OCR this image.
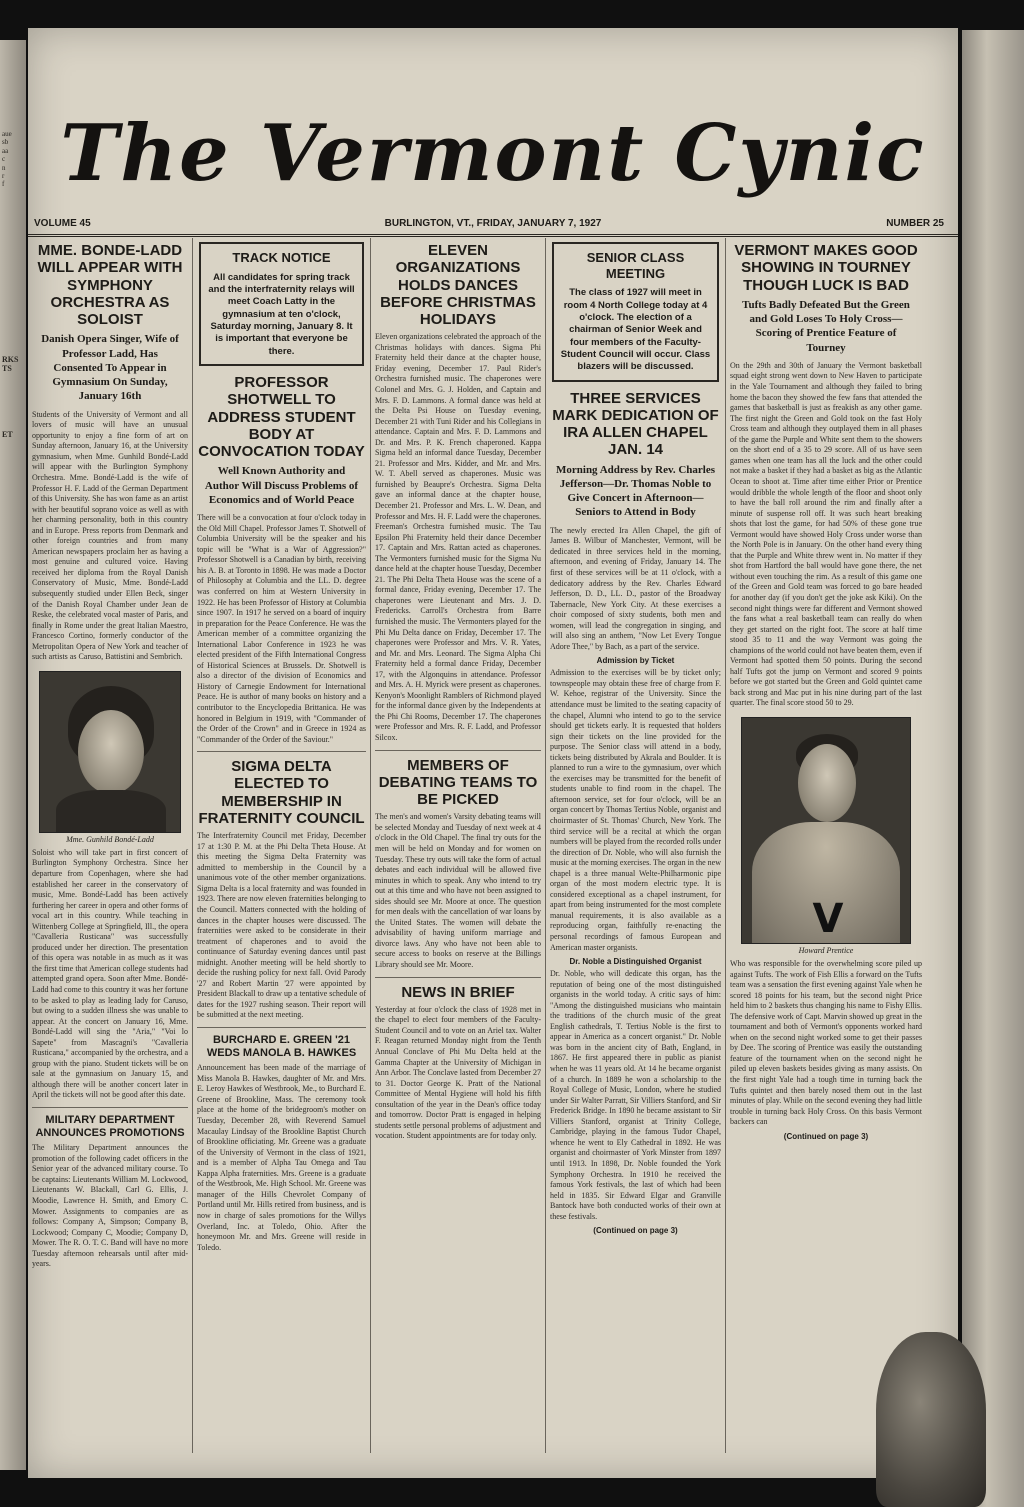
The Vermont Cynic
VOLUME 45	BURLINGTON, VT., FRIDAY, JANUARY 7, 1927	NUMBER 25
MME. BONDE-LADD WILL APPEAR WITH SYMPHONY ORCHESTRA AS SOLOIST
Danish Opera Singer, Wife of Professor Ladd, Has Consented To Appear in Gymnasium On Sunday, January 16th
Students of the University of Vermont and all lovers of music will have an unusual opportunity to enjoy a fine form of art on Sunday afternoon, January 16, at the University gymnasium, when Mme. Gunhild Bondé-Ladd will appear with the Burlington Symphony Orchestra. Mme. Bondé-Ladd is the wife of Professor H. F. Ladd of the German Department of this University. She has won fame as an artist with her beautiful soprano voice as well as with her charming personality, both in this country and in Europe. Press reports from Denmark and other foreign countries and from many American newspapers proclaim her as having a most genuine and cultured voice. Having received her diploma from the Royal Danish Conservatory of Music, Mme. Bondé-Ladd subsequently studied under Ellen Beck, singer of the Danish Royal Chamber under Jean de Reske, the celebrated vocal master of Paris, and finally in Rome under the great Italian Maestro, Francesco Cortino, formerly conductor of the Metropolitan Opera of New York and teacher of such artists as Caruso, Battistini and Sembrich.
Mme. Gunhild Bondé-Ladd
Soloist who will take part in first concert of Burlington Symphony Orchestra. Since her departure from Copenhagen, where she had established her career in the conservatory of music, Mme. Bondé-Ladd has been actively furthering her career in opera and other forms of vocal art in this country. While teaching in Wittenberg College at Springfield, Ill., the opera "Cavalleria Rusticana" was successfully produced under her direction. The presentation of this opera was notable in as much as it was the first time that American college students had attempted grand opera. Soon after Mme. Bondé-Ladd had come to this country it was her fortune to be asked to play as leading lady for Caruso, but owing to a sudden illness she was unable to appear. At the concert on January 16, Mme. Bondé-Ladd will sing the "Aria," "Voi lo Sapete" from Mascagni's "Cavalleria Rusticana," accompanied by the orchestra, and a group with the piano. Student tickets will be on sale at the gymnasium on January 15, and although there will be another concert later in April the tickets will not be good after this date.
MILITARY DEPARTMENT ANNOUNCES PROMOTIONS
The Military Department announces the promotion of the following cadet officers in the Senior year of the advanced military course. To be captains: Lieutenants William M. Lockwood, Lieutenants W. Blackall, Carl G. Ellis, J. Moodie, Lawrence H. Smith, and Emory C. Mower. Assignments to companies are as follows: Company A, Simpson; Company B, Lockwood; Company C, Moodie; Company D, Mower. The R. O. T. C. Band will have no more Tuesday afternoon rehearsals until after mid-years.
TRACK NOTICE
All candidates for spring track and the interfraternity relays will meet Coach Latty in the gymnasium at ten o'clock, Saturday morning, January 8. It is important that everyone be there.
PROFESSOR SHOTWELL TO ADDRESS STUDENT BODY AT CONVOCATION TODAY
Well Known Authority and Author Will Discuss Problems of Economics and of World Peace
There will be a convocation at four o'clock today in the Old Mill Chapel. Professor James T. Shotwell of Columbia University will be the speaker and his topic will be "What is a War of Aggression?" Professor Shotwell is a Canadian by birth, receiving his A. B. at Toronto in 1898. He was made a Doctor of Philosophy at Columbia and the LL. D. degree was conferred on him at Western University in 1922. He has been Professor of History at Columbia since 1907. In 1917 he served on a board of inquiry in preparation for the Peace Conference. He was the American member of a committee organizing the International Labor Conference in 1923 he was elected president of the Fifth International Congress of Historical Sciences at Brussels. Dr. Shotwell is also a director of the division of Economics and History of Carnegie Endowment for International Peace. He is author of many books on history and a contributor to the Encyclopedia Brittanica. He was honored in Belgium in 1919, with "Commander of the Order of the Crown" and in Greece in 1924 as "Commander of the Order of the Saviour."
SIGMA DELTA ELECTED TO MEMBERSHIP IN FRATERNITY COUNCIL
The Interfraternity Council met Friday, December 17 at 1:30 P. M. at the Phi Delta Theta House. At this meeting the Sigma Delta Fraternity was admitted to membership in the Council by a unanimous vote of the other member organizations. Sigma Delta is a local fraternity and was founded in 1923. There are now eleven fraternities belonging to the Council. Matters connected with the holding of dances in the chapter houses were discussed. The fraternities were asked to be considerate in their treatment of chaperones and to avoid the continuance of Saturday evening dances until past midnight. Another meeting will be held shortly to decide the rushing policy for next fall. Ovid Parody '27 and Robert Martin '27 were appointed by President Blackall to draw up a tentative schedule of dates for the 1927 rushing season. Their report will be submitted at the next meeting.
BURCHARD E. GREEN '21 WEDS MANOLA B. HAWKES
Announcement has been made of the marriage of Miss Manola B. Hawkes, daughter of Mr. and Mrs. E. Leroy Hawkes of Westbrook, Me., to Burchard E. Greene of Brookline, Mass. The ceremony took place at the home of the bridegroom's mother on Tuesday, December 28, with Reverend Samuel Macaulay Lindsay of the Brookline Baptist Church of Brookline officiating. Mr. Greene was a graduate of the University of Vermont in the class of 1921, and is a member of Alpha Tau Omega and Tau Kappa Alpha fraternities. Mrs. Greene is a graduate of the Westbrook, Me. High School. Mr. Greene was manager of the Hills Chevrolet Company of Portland until Mr. Hills retired from business, and is now in charge of sales promotions for the Willys Overland, Inc. at Toledo, Ohio. After the honeymoon Mr. and Mrs. Greene will reside in Toledo.
ELEVEN ORGANIZATIONS HOLDS DANCES BEFORE CHRISTMAS HOLIDAYS
Eleven organizations celebrated the approach of the Christmas holidays with dances. Sigma Phi Fraternity held their dance at the chapter house, Friday evening, December 17. Paul Rider's Orchestra furnished music. The chaperones were Colonel and Mrs. G. J. Holden, and Captain and Mrs. F. D. Lammons. A formal dance was held at the Delta Psi House on Tuesday evening, December 21 with Tuni Rider and his Collegians in attendance. Captain and Mrs. F. D. Lammons and Dr. and Mrs. P. K. French chaperoned. Kappa Sigma held an informal dance Tuesday, December 21. Professor and Mrs. Kidder, and Mr. and Mrs. W. T. Abell served as chaperones. Music was furnished by Beaupre's Orchestra. Sigma Delta gave an informal dance at the chapter house, December 21. Professor and Mrs. L. W. Dean, and Professor and Mrs. H. F. Ladd were the chaperones. Freeman's Orchestra furnished music. The Tau Epsilon Phi Fraternity held their dance December 17. Captain and Mrs. Rattan acted as chaperones. The Vermonters furnished music for the Sigma Nu dance held at the chapter house Tuesday, December 21. The Phi Delta Theta House was the scene of a formal dance, Friday evening, December 17. The chaperones were Lieutenant and Mrs. J. D. Fredericks. Carroll's Orchestra from Barre furnished the music. The Vermonters played for the Phi Mu Delta dance on Friday, December 17. The chaperones were Professor and Mrs. V. R. Yates, and Mr. and Mrs. Leonard. The Sigma Alpha Chi Fraternity held a formal dance Friday, December 17, with the Algonquins in attendance. Professor and Mrs. A. H. Myrick were present as chaperones. Kenyon's Moonlight Ramblers of Richmond played for the informal dance given by the Independents at the Phi Chi Rooms, December 17. The chaperones were Professor and Mrs. R. F. Ladd, and Professor Silcox.
MEMBERS OF DEBATING TEAMS TO BE PICKED
The men's and women's Varsity debating teams will be selected Monday and Tuesday of next week at 4 o'clock in the Old Chapel. The final try outs for the men will be held on Monday and for women on Tuesday. These try outs will take the form of actual debates and each individual will be allowed five minutes in which to speak. Any who intend to try out at this time and who have not been assigned to sides should see Mr. Moore at once. The question for men deals with the cancellation of war loans by the United States. The women will debate the advisability of having uniform marriage and divorce laws. Any who have not been able to secure access to books on reserve at the Billings Library should see Mr. Moore.
NEWS IN BRIEF
Yesterday at four o'clock the class of 1928 met in the chapel to elect four members of the Faculty-Student Council and to vote on an Ariel tax. Walter F. Reagan returned Monday night from the Tenth Annual Conclave of Phi Mu Delta held at the Gamma Chapter at the University of Michigan in Ann Arbor. The Conclave lasted from December 27 to 31. Doctor George K. Pratt of the National Committee of Mental Hygiene will hold his fifth consultation of the year in the Dean's office today and tomorrow. Doctor Pratt is engaged in helping students settle personal problems of adjustment and vocation. Student appointments are for today only.
SENIOR CLASS MEETING
The class of 1927 will meet in room 4 North College today at 4 o'clock. The election of a chairman of Senior Week and four members of the Faculty-Student Council will occur. Class blazers will be discussed.
THREE SERVICES MARK DEDICATION OF IRA ALLEN CHAPEL JAN. 14
Morning Address by Rev. Charles Jefferson—Dr. Thomas Noble to Give Concert in Afternoon—Seniors to Attend in Body
The newly erected Ira Allen Chapel, the gift of James B. Wilbur of Manchester, Vermont, will be dedicated in three services held in the morning, afternoon, and evening of Friday, January 14. The first of these services will be at 11 o'clock, with a dedicatory address by the Rev. Charles Edward Jefferson, D. D., LL. D., pastor of the Broadway Tabernacle, New York City. At these exercises a choir composed of sixty students, both men and women, will lead the congregation in singing, and will also sing an anthem, "Now Let Every Tongue Adore Thee," by Bach, as a part of the service.
Admission by Ticket
Admission to the exercises will be by ticket only; townspeople may obtain these free of charge from F. W. Kehoe, registrar of the University. Since the attendance must be limited to the seating capacity of the chapel, Alumni who intend to go to the service should get tickets early. It is requested that holders sign their tickets on the line provided for the purpose. The Senior class will attend in a body, tickets being distributed by Akrala and Boulder. It is planned to run a wire to the gymnasium, over which the exercises may be transmitted for the benefit of students unable to find room in the chapel. The afternoon service, set for four o'clock, will be an organ concert by Thomas Tertius Noble, organist and choirmaster of St. Thomas' Church, New York. The third service will be a recital at which the organ numbers will be played from the recorded rolls under the direction of Dr. Noble, who will also furnish the music at the morning exercises. The organ in the new chapel is a three manual Welte-Philharmonic pipe organ of the most modern electric type. It is considered exceptional as a chapel instrument, for apart from being instrumented for the most complete manual requirements, it is also available as a reproducing organ, faithfully re-enacting the personal recordings of famous European and American master organists.
Dr. Noble a Distinguished Organist
Dr. Noble, who will dedicate this organ, has the reputation of being one of the most distinguished organists in the world today. A critic says of him: "Among the distinguished musicians who maintain the traditions of the church music of the great English cathedrals, T. Tertius Noble is the first to appear in America as a concert organist." Dr. Noble was born in the ancient city of Bath, England, in 1867. He first appeared there in public as pianist when he was 11 years old. At 14 he became organist of a church. In 1889 he won a scholarship to the Royal College of Music, London, where he studied under Sir Walter Parratt, Sir Villiers Stanford, and Sir Frederick Bridge. In 1890 he became assistant to Sir Villiers Stanford, organist at Trinity College, Cambridge, playing in the famous Tudor Chapel, whence he went to Ely Cathedral in 1892. He was organist and choirmaster of York Minster from 1897 until 1913. In 1898, Dr. Noble founded the York Symphony Orchestra. In 1910 he received the famous York festivals, the last of which had been held in 1835. Sir Edward Elgar and Granville Bantock have both conducted works of their own at these festivals.
(Continued on page 3)
VERMONT MAKES GOOD SHOWING IN TOURNEY THOUGH LUCK IS BAD
Tufts Badly Defeated But the Green and Gold Loses To Holy Cross—Scoring of Prentice Feature of Tourney
On the 29th and 30th of January the Vermont basketball squad eight strong went down to New Haven to participate in the Yale Tournament and although they failed to bring home the bacon they showed the few fans that attended the games that basketball is just as freakish as any other game. The first night the Green and Gold took on the fast Holy Cross team and although they outplayed them in all phases of the game the Purple and White sent them to the showers on the short end of a 35 to 29 score. All of us have seen games when one team has all the luck and the other could not make a basket if they had a basket as big as the Atlantic Ocean to shoot at. Time after time either Prior or Prentice would dribble the whole length of the floor and shoot only to have the ball roll around the rim and finally after a minute of suspense roll off. It was such heart breaking shots that lost the game, for had 50% of these gone true Vermont would have showed Holy Cross under worse than the North Pole is in January. On the other hand every thing that the Purple and White threw went in. No matter if they shot from Hartford the ball would have gone there, the net without even touching the rim. As a result of this game one of the Green and Gold team was forced to go bare headed for another day (if you don't get the joke ask Kiki). On the second night things were far different and Vermont showed the fans what a real basketball team can really do when they get started on the right foot. The score at half time stood 35 to 11 and the way Vermont was going the champions of the world could not have beaten them, even if Vermont had spotted them 50 points. During the second half Tufts got the jump on Vermont and scored 9 points before we got started but the Green and Gold quintet came back strong and Mac put in his nine during part of the last quarter. The final score stood 50 to 29.
V
Howard Prentice
Who was responsible for the overwhelming score piled up against Tufts. The work of Fish Ellis a forward on the Tufts team was a sensation the first evening against Yale when he scored 18 points for his team, but the second night Price held him to 2 baskets thus changing his name to Fishy Ellis. The defensive work of Capt. Marvin showed up great in the tournament and both of Vermont's opponents worked hard when on the second night worked some to get their passes by Dee. The scoring of Prentice was easily the outstanding feature of the tournament when on the second night he piled up eleven baskets besides giving as many assists. On the first night Yale had a tough time in turning back the Tufts quintet and then barely nosed them out in the last minutes of play. While on the second evening they had little trouble in turning back Holy Cross. On this basis Vermont backers can
(Continued on page 3)
aue
sb
aa
c
n
r
f
RKS
TS
ET
